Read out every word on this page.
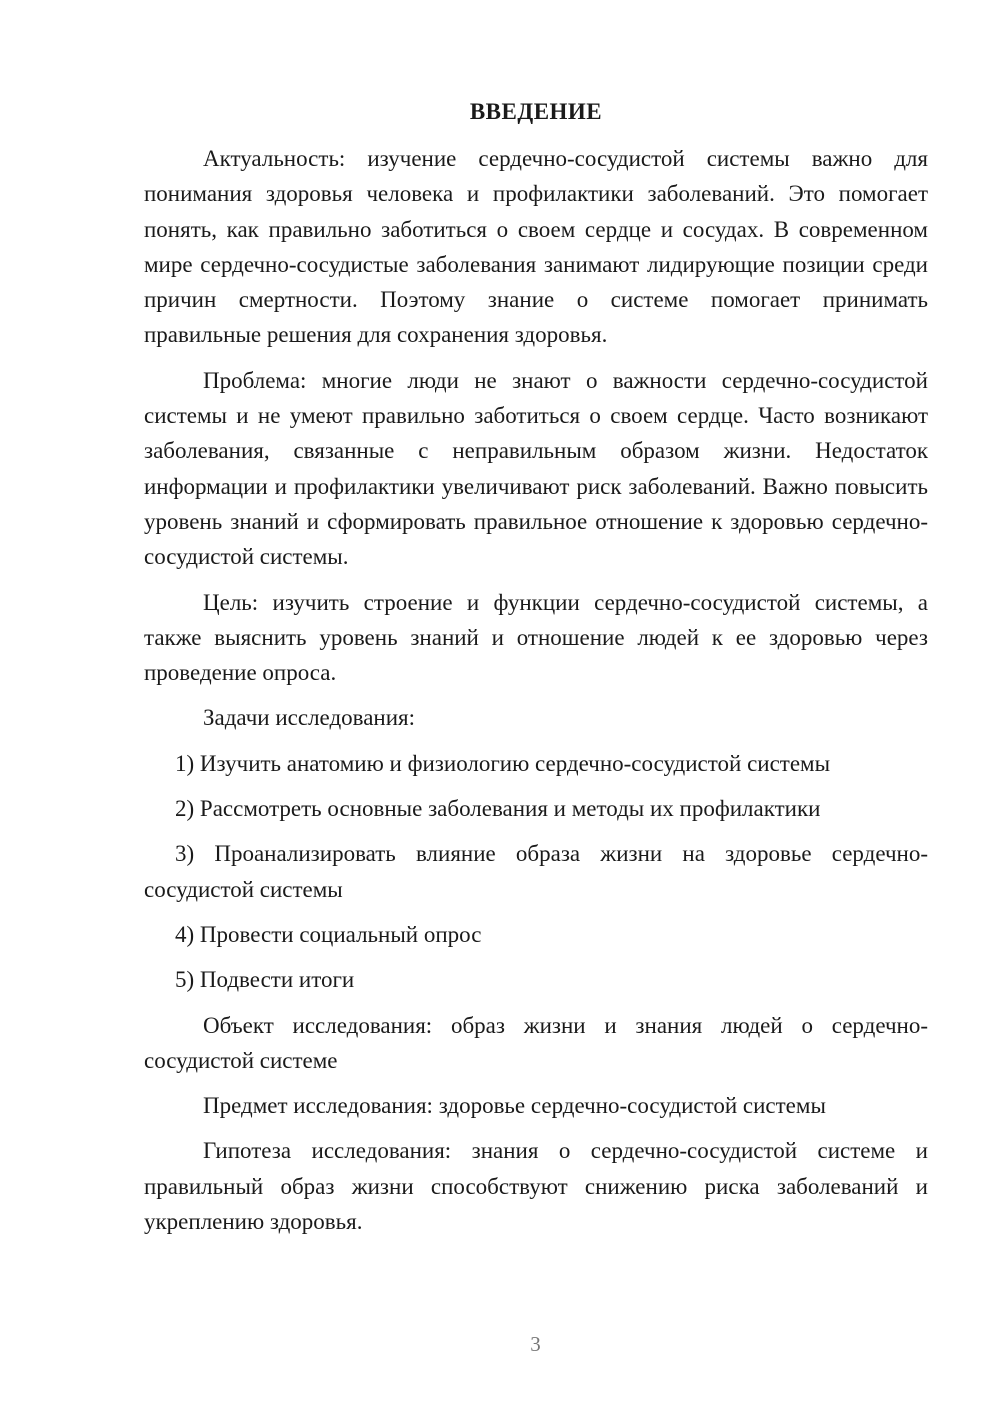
ВВЕДЕНИЕ

Актуальность: изучение сердечно-сосудистой системы важно для понимания здоровья человека и профилактики заболеваний. Это помогает понять, как правильно заботиться о своем сердце и сосудах. В современном мире сердечно-сосудистые заболевания занимают лидирующие позиции среди причин смертности. Поэтому знание о системе помогает принимать правильные решения для сохранения здоровья.

Проблема: многие люди не знают о важности сердечно-сосудистой системы и не умеют правильно заботиться о своем сердце. Часто возникают заболевания, связанные с неправильным образом жизни. Недостаток информации и профилактики увеличивают риск заболеваний. Важно повысить уровень знаний и сформировать правильное отношение к здоровью сердечно-сосудистой системы.

Цель: изучить строение и функции сердечно-сосудистой системы, а также выяснить уровень знаний и отношение людей к ее здоровью через проведение опроса.

Задачи исследования:

1) Изучить анатомию и физиологию сердечно-сосудистой системы

2) Рассмотреть основные заболевания и методы их профилактики

3) Проанализировать влияние образа жизни на здоровье сердечно-сосудистой системы

4) Провести социальный опрос

5) Подвести итоги

Объект исследования: образ жизни и знания людей о сердечно-сосудистой системе

Предмет исследования: здоровье сердечно-сосудистой системы

Гипотеза исследования: знания о сердечно-сосудистой системе и правильный образ жизни способствуют снижению риска заболеваний и укреплению здоровья.

3
